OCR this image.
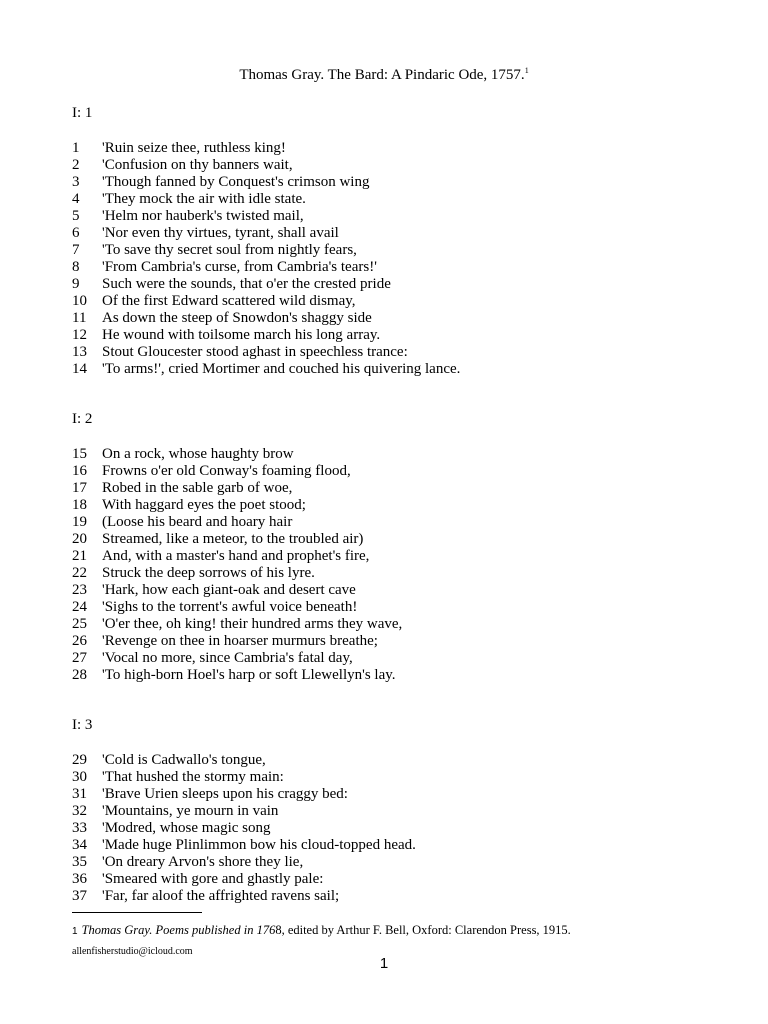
Thomas Gray. The Bard: A Pindaric Ode, 1757.$^1$
I: 1
1 'Ruin seize thee, ruthless king!
2 'Confusion on thy banners wait,
3 'Though fanned by Conquest's crimson wing
4 'They mock the air with idle state.
5 'Helm nor hauberk's twisted mail,
6 'Nor even thy virtues, tyrant, shall avail
7 'To save thy secret soul from nightly fears,
8 'From Cambria's curse, from Cambria's tears!'
9 Such were the sounds, that o'er the crested pride
10 Of the first Edward scattered wild dismay,
11 As down the steep of Snowdon's shaggy side
12 He wound with toilsome march his long array.
13 Stout Gloucester stood aghast in speechless trance:
14 'To arms!', cried Mortimer and couched his quivering lance.
I: 2
15 On a rock, whose haughty brow
16 Frowns o'er old Conway's foaming flood,
17 Robed in the sable garb of woe,
18 With haggard eyes the poet stood;
19 (Loose his beard and hoary hair
20 Streamed, like a meteor, to the troubled air)
21 And, with a master's hand and prophet's fire,
22 Struck the deep sorrows of his lyre.
23 'Hark, how each giant-oak and desert cave
24 'Sighs to the torrent's awful voice beneath!
25 'O'er thee, oh king! their hundred arms they wave,
26 'Revenge on thee in hoarser murmurs breathe;
27 'Vocal no more, since Cambria's fatal day,
28 'To high-born Hoel's harp or soft Llewellyn's lay.
I: 3
29 'Cold is Cadwallo's tongue,
30 'That hushed the stormy main:
31 'Brave Urien sleeps upon his craggy bed:
32 'Mountains, ye mourn in vain
33 'Modred, whose magic song
34 'Made huge Plinlimmon bow his cloud-topped head.
35 'On dreary Arvon's shore they lie,
36 'Smeared with gore and ghastly pale:
37 'Far, far aloof the affrighted ravens sail;
1 Thomas Gray. Poems published in 1768, edited by Arthur F. Bell, Oxford: Clarendon Press, 1915.
allenfisherstudio@icloud.com
1
